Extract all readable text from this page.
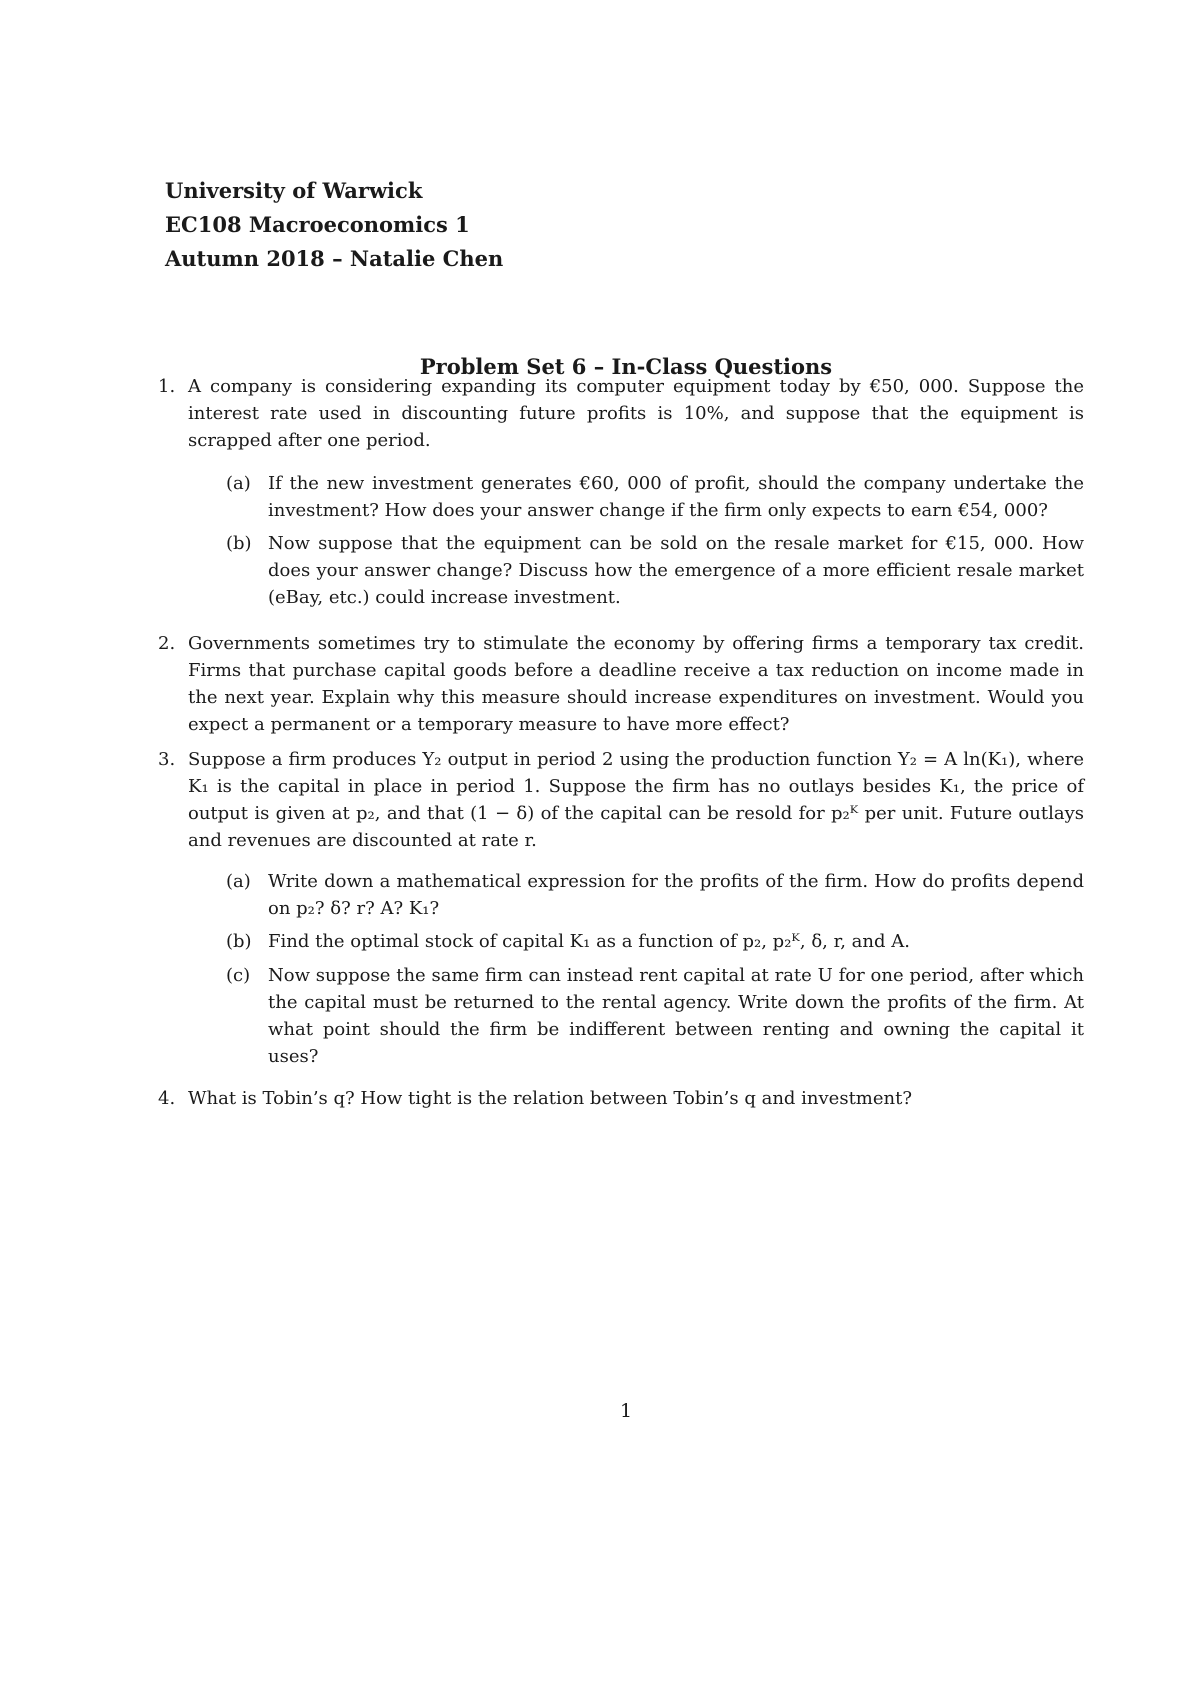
University of Warwick
EC108 Macroeconomics 1
Autumn 2018 – Natalie Chen
Problem Set 6 – In-Class Questions
1. A company is considering expanding its computer equipment today by €50, 000. Suppose the interest rate used in discounting future profits is 10%, and suppose that the equipment is scrapped after one period.
(a) If the new investment generates €60, 000 of profit, should the company undertake the investment? How does your answer change if the firm only expects to earn €54, 000?
(b) Now suppose that the equipment can be sold on the resale market for €15, 000. How does your answer change? Discuss how the emergence of a more efficient resale market (eBay, etc.) could increase investment.
2. Governments sometimes try to stimulate the economy by offering firms a temporary tax credit. Firms that purchase capital goods before a deadline receive a tax reduction on income made in the next year. Explain why this measure should increase expenditures on investment. Would you expect a permanent or a temporary measure to have more effect?
3. Suppose a firm produces Y₂ output in period 2 using the production function Y₂ = A ln(K₁), where K₁ is the capital in place in period 1. Suppose the firm has no outlays besides K₁, the price of output is given at p₂, and that (1 − δ) of the capital can be resold for p₂ᴷ per unit. Future outlays and revenues are discounted at rate r.
(a) Write down a mathematical expression for the profits of the firm. How do profits depend on p₂? δ? r? A? K₁?
(b) Find the optimal stock of capital K₁ as a function of p₂, p₂ᴷ, δ, r, and A.
(c) Now suppose the same firm can instead rent capital at rate U for one period, after which the capital must be returned to the rental agency. Write down the profits of the firm. At what point should the firm be indifferent between renting and owning the capital it uses?
4. What is Tobin’s q? How tight is the relation between Tobin’s q and investment?
1
